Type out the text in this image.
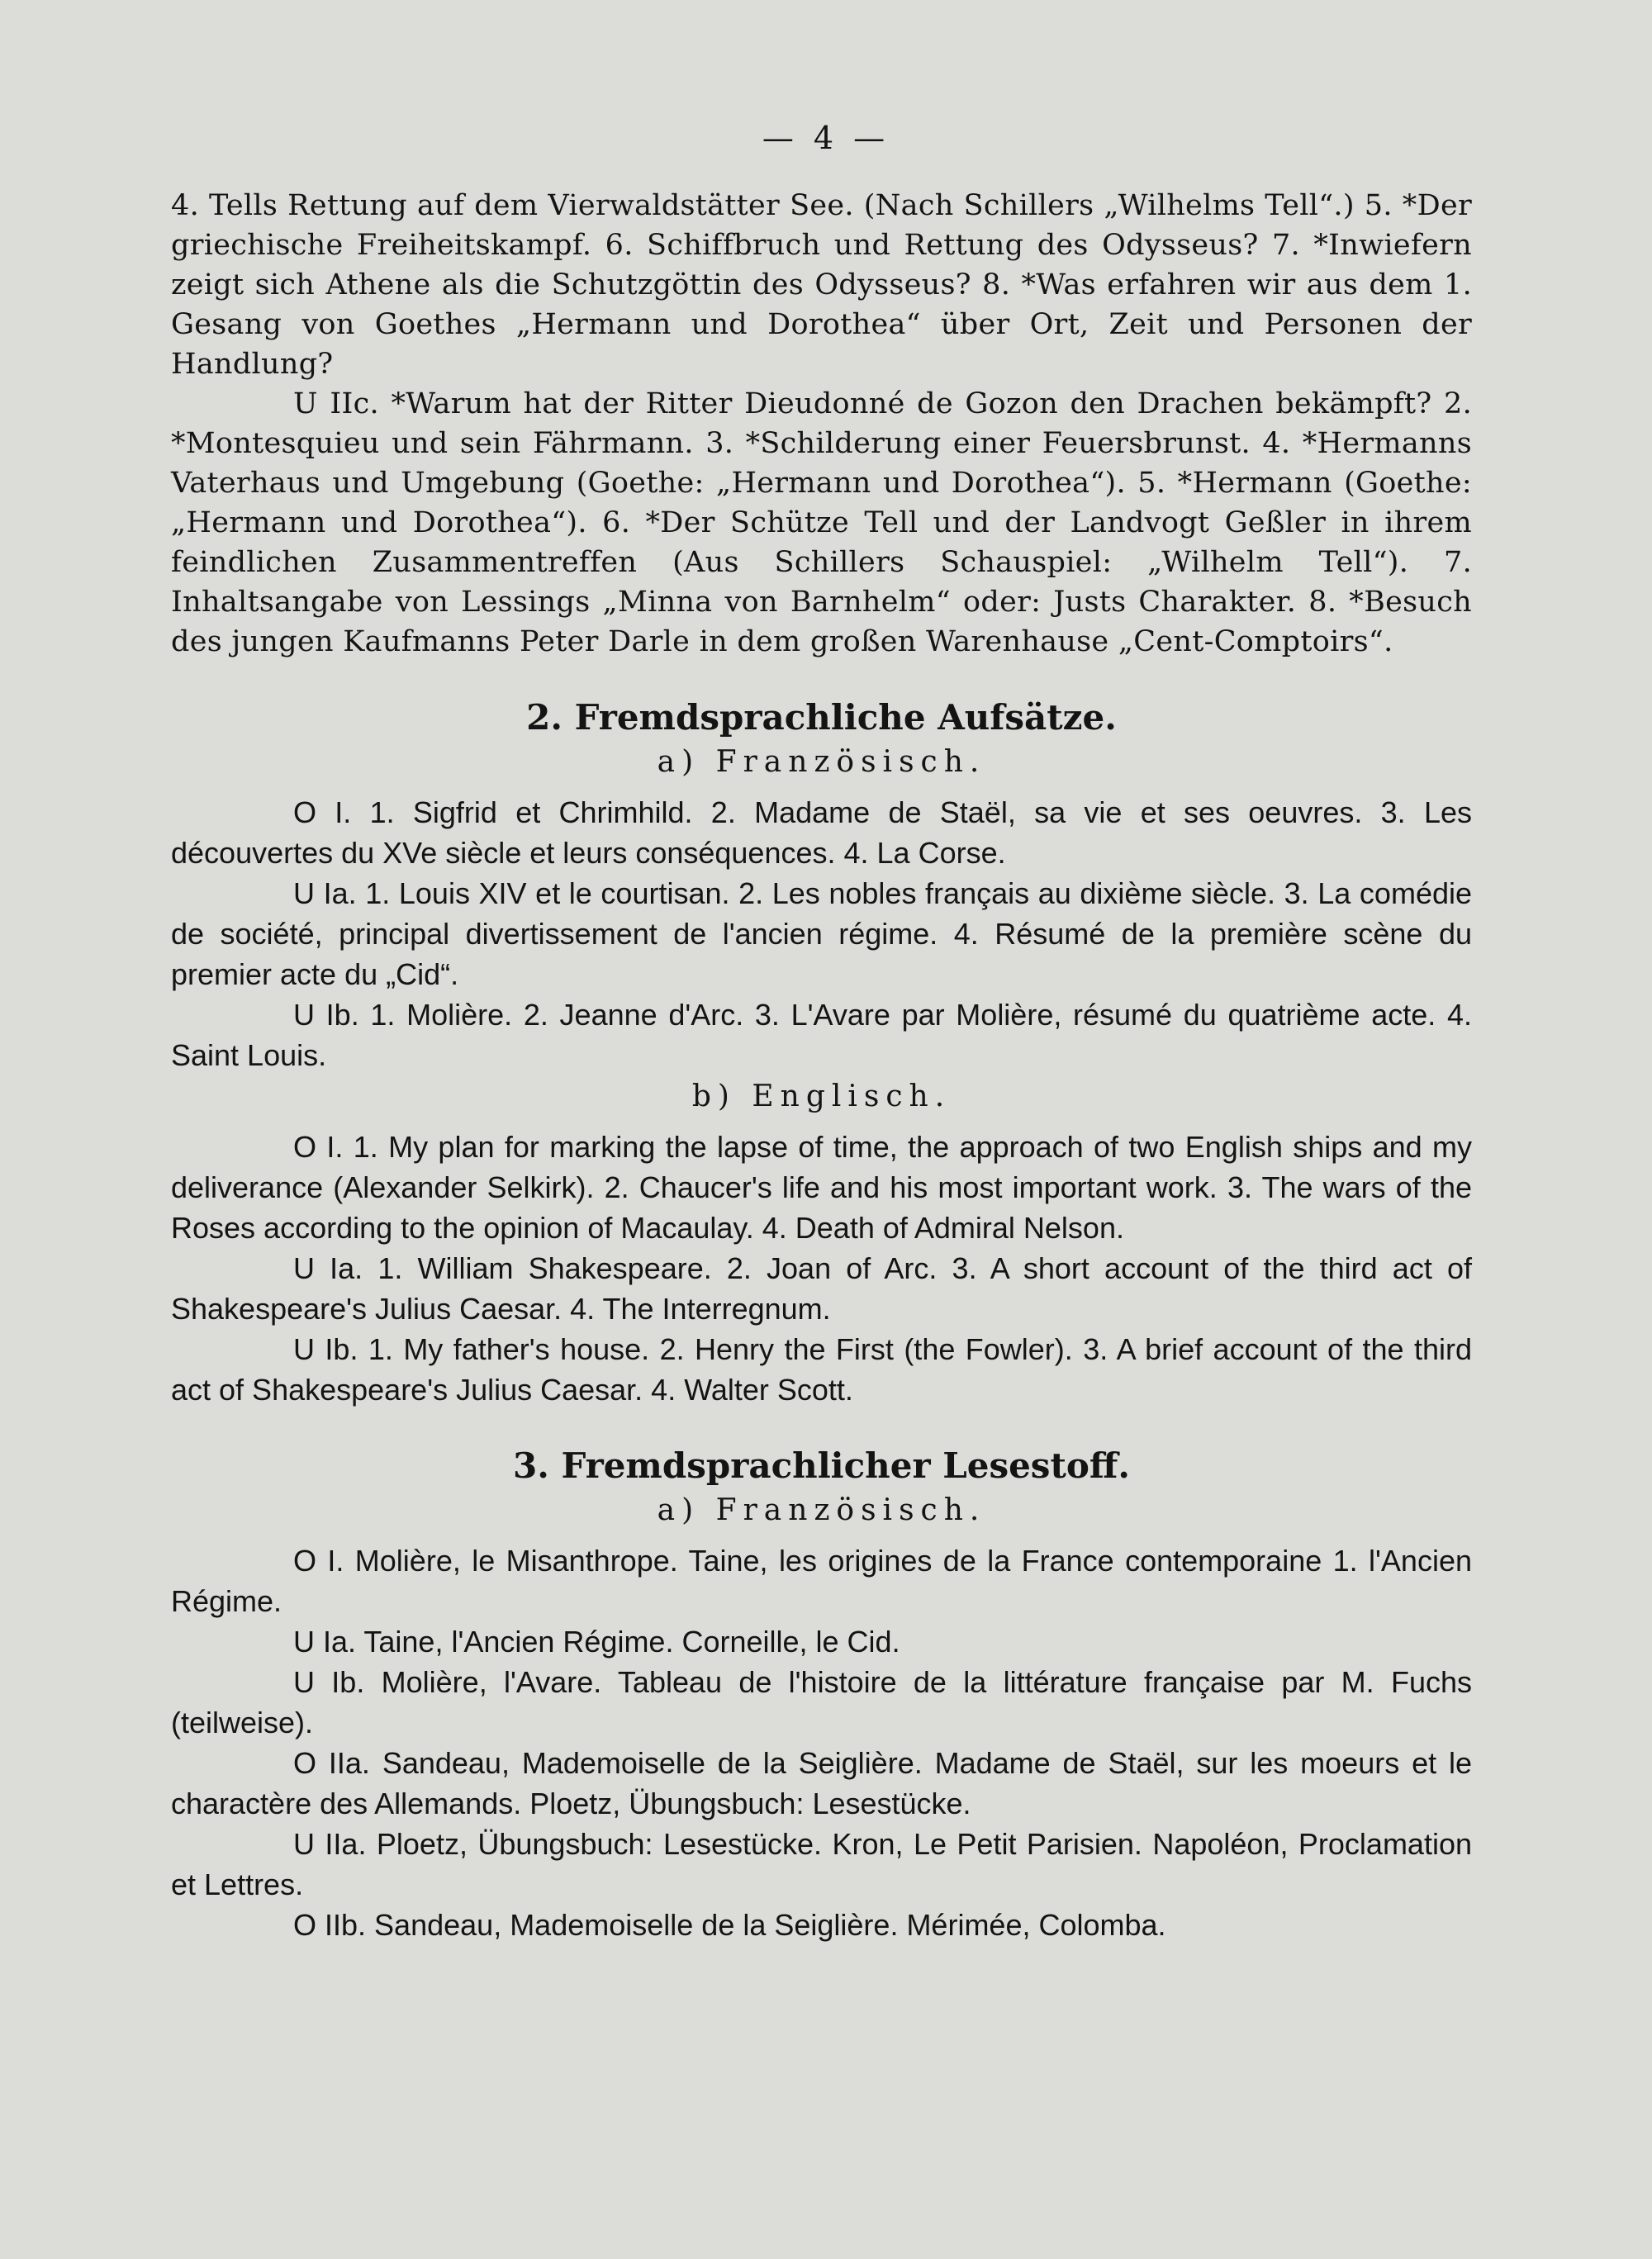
— 4 —

4. Tells Rettung auf dem Vierwaldstätter See. (Nach Schillers „Wilhelms Tell“.) 5. *Der griechische Freiheitskampf. 6. Schiffbruch und Rettung des Odysseus? 7. *Inwiefern zeigt sich Athene als die Schutzgöttin des Odysseus? 8. *Was erfahren wir aus dem 1. Gesang von Goethes „Hermann und Dorothea“ über Ort, Zeit und Personen der Handlung?

U IIc. *Warum hat der Ritter Dieudonné de Gozon den Drachen bekämpft? 2. *Montesquieu und sein Fährmann. 3. *Schilderung einer Feuersbrunst. 4. *Hermanns Vaterhaus und Umgebung (Goethe: „Hermann und Dorothea“). 5. *Hermann (Goethe: „Hermann und Dorothea“). 6. *Der Schütze Tell und der Landvogt Geßler in ihrem feindlichen Zusammentreffen (Aus Schillers Schauspiel: „Wilhelm Tell“). 7. Inhaltsangabe von Lessings „Minna von Barnhelm“ oder: Justs Charakter. 8. *Besuch des jungen Kaufmanns Peter Darle in dem großen Warenhause „Cent-Comptoirs“.

2. Fremdsprachliche Aufsätze.
a) Französisch.

O I. 1. Sigfrid et Chrimhild. 2. Madame de Staël, sa vie et ses oeuvres. 3. Les découvertes du XVe siècle et leurs conséquences. 4. La Corse.

U Ia. 1. Louis XIV et le courtisan. 2. Les nobles français au dixième siècle. 3. La comédie de société, principal divertissement de l'ancien régime. 4. Résumé de la première scène du premier acte du „Cid“.

U Ib. 1. Molière. 2. Jeanne d'Arc. 3. L'Avare par Molière, résumé du quatrième acte. 4. Saint Louis.

b) Englisch.

O I. 1. My plan for marking the lapse of time, the approach of two English ships and my deliverance (Alexander Selkirk). 2. Chaucer's life and his most important work. 3. The wars of the Roses according to the opinion of Macaulay. 4. Death of Admiral Nelson.

U Ia. 1. William Shakespeare. 2. Joan of Arc. 3. A short account of the third act of Shakespeare's Julius Caesar. 4. The Interregnum.

U Ib. 1. My father's house. 2. Henry the First (the Fowler). 3. A brief account of the third act of Shakespeare's Julius Caesar. 4. Walter Scott.

3. Fremdsprachlicher Lesestoff.
a) Französisch.

O I. Molière, le Misanthrope. Taine, les origines de la France contemporaine 1. l'Ancien Régime.

U Ia. Taine, l'Ancien Régime. Corneille, le Cid.

U Ib. Molière, l'Avare. Tableau de l'histoire de la littérature française par M. Fuchs (teilweise).

O IIa. Sandeau, Mademoiselle de la Seiglière. Madame de Staël, sur les moeurs et le charactère des Allemands. Ploetz, Übungsbuch: Lesestücke.

U IIa. Ploetz, Übungsbuch: Lesestücke. Kron, Le Petit Parisien. Napoléon, Proclamation et Lettres.

O IIb. Sandeau, Mademoiselle de la Seiglière. Mérimée, Colomba.
